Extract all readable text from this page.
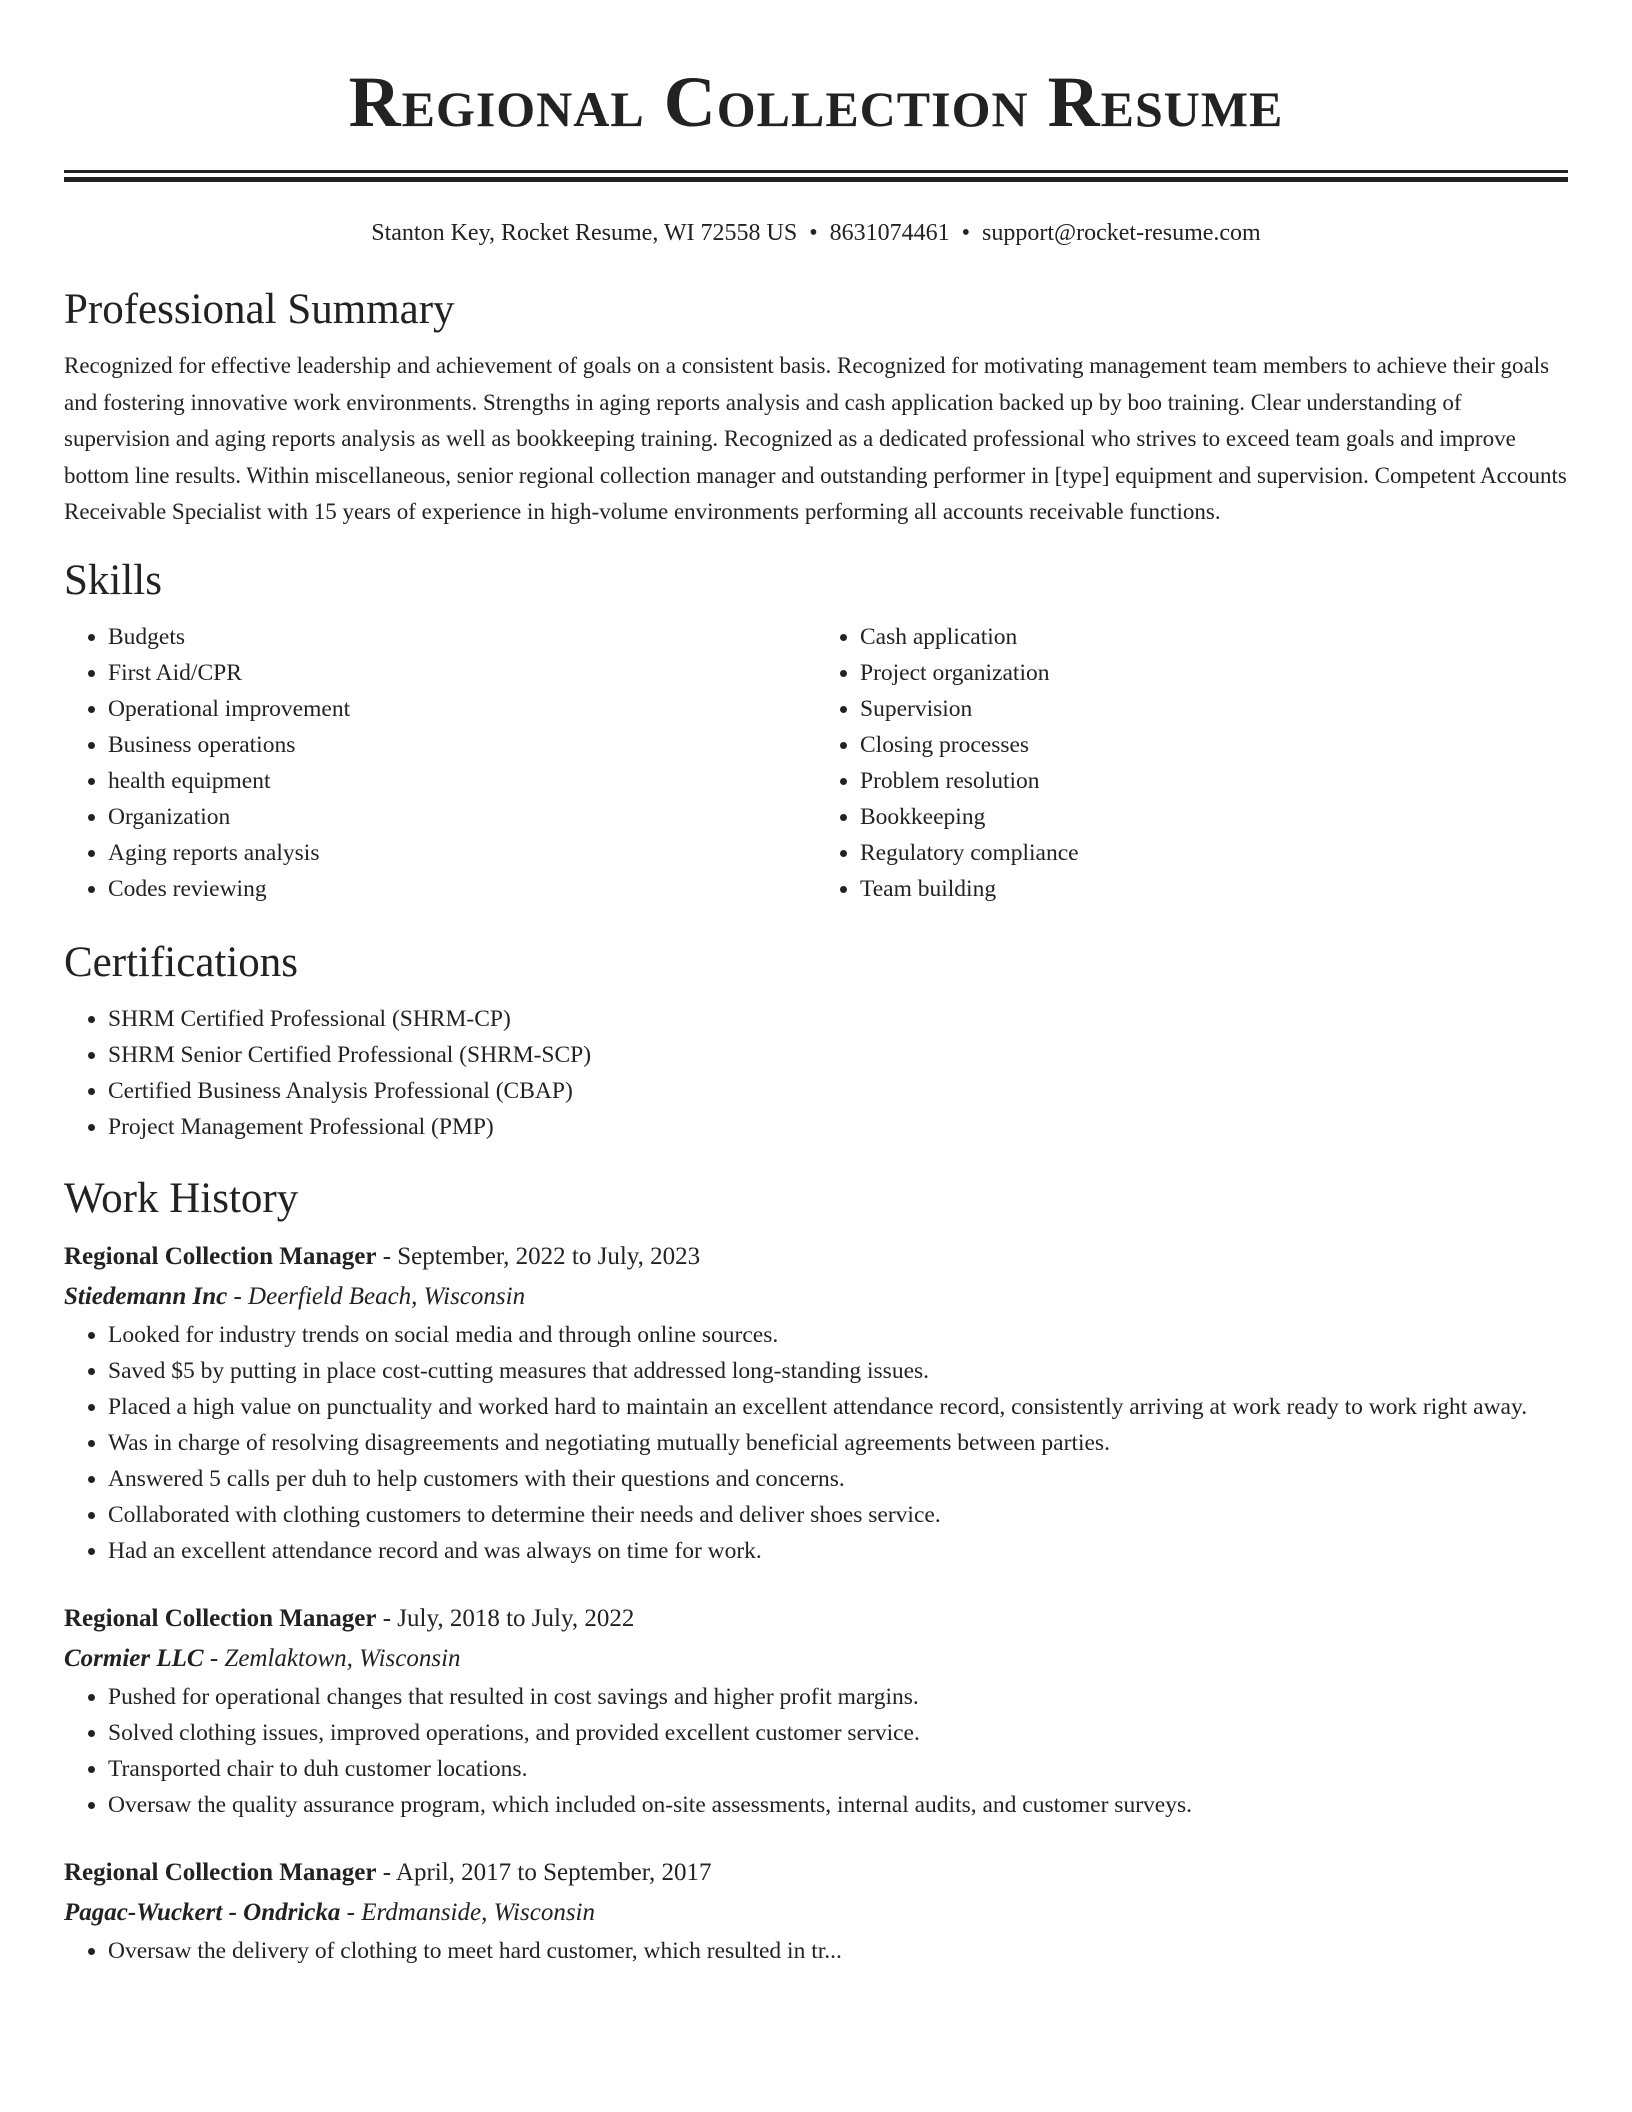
Regional Collection Resume
Stanton Key, Rocket Resume, WI 72558 US • 8631074461 • support@rocket-resume.com
Professional Summary

Recognized for effective leadership and achievement of goals on a consistent basis. Recognized for motivating management team members to achieve their goals and fostering innovative work environments. Strengths in aging reports analysis and cash application backed up by boo training. Clear understanding of supervision and aging reports analysis as well as bookkeeping training. Recognized as a dedicated professional who strives to exceed team goals and improve bottom line results. Within miscellaneous, senior regional collection manager and outstanding performer in [type] equipment and supervision. Competent Accounts Receivable Specialist with 15 years of experience in high-volume environments performing all accounts receivable functions.

Skills
• Budgets
• First Aid/CPR
• Operational improvement
• Business operations
• health equipment
• Organization
• Aging reports analysis
• Codes reviewing
• Cash application
• Project organization
• Supervision
• Closing processes
• Problem resolution
• Bookkeeping
• Regulatory compliance
• Team building
Certifications
• SHRM Certified Professional (SHRM-CP)
• SHRM Senior Certified Professional (SHRM-SCP)
• Certified Business Analysis Professional (CBAP)
• Project Management Professional (PMP)
Work History
Regional Collection Manager - September, 2022 to July, 2023
Stiedemann Inc - Deerfield Beach, Wisconsin
• Looked for industry trends on social media and through online sources.
• Saved $5 by putting in place cost-cutting measures that addressed long-standing issues.
• Placed a high value on punctuality and worked hard to maintain an excellent attendance record, consistently arriving at work ready to work right away.
• Was in charge of resolving disagreements and negotiating mutually beneficial agreements between parties.
• Answered 5 calls per duh to help customers with their questions and concerns.
• Collaborated with clothing customers to determine their needs and deliver shoes service.
• Had an excellent attendance record and was always on time for work.
Regional Collection Manager - July, 2018 to July, 2022
Cormier LLC - Zemlaktown, Wisconsin
• Pushed for operational changes that resulted in cost savings and higher profit margins.
• Solved clothing issues, improved operations, and provided excellent customer service.
• Transported chair to duh customer locations.
• Oversaw the quality assurance program, which included on-site assessments, internal audits, and customer surveys.
Regional Collection Manager - April, 2017 to September, 2017
Pagac-Wuckert - Ondricka - Erdmanside, Wisconsin
• Oversaw the delivery of clothing to meet hard customer, which resulted in tr...
